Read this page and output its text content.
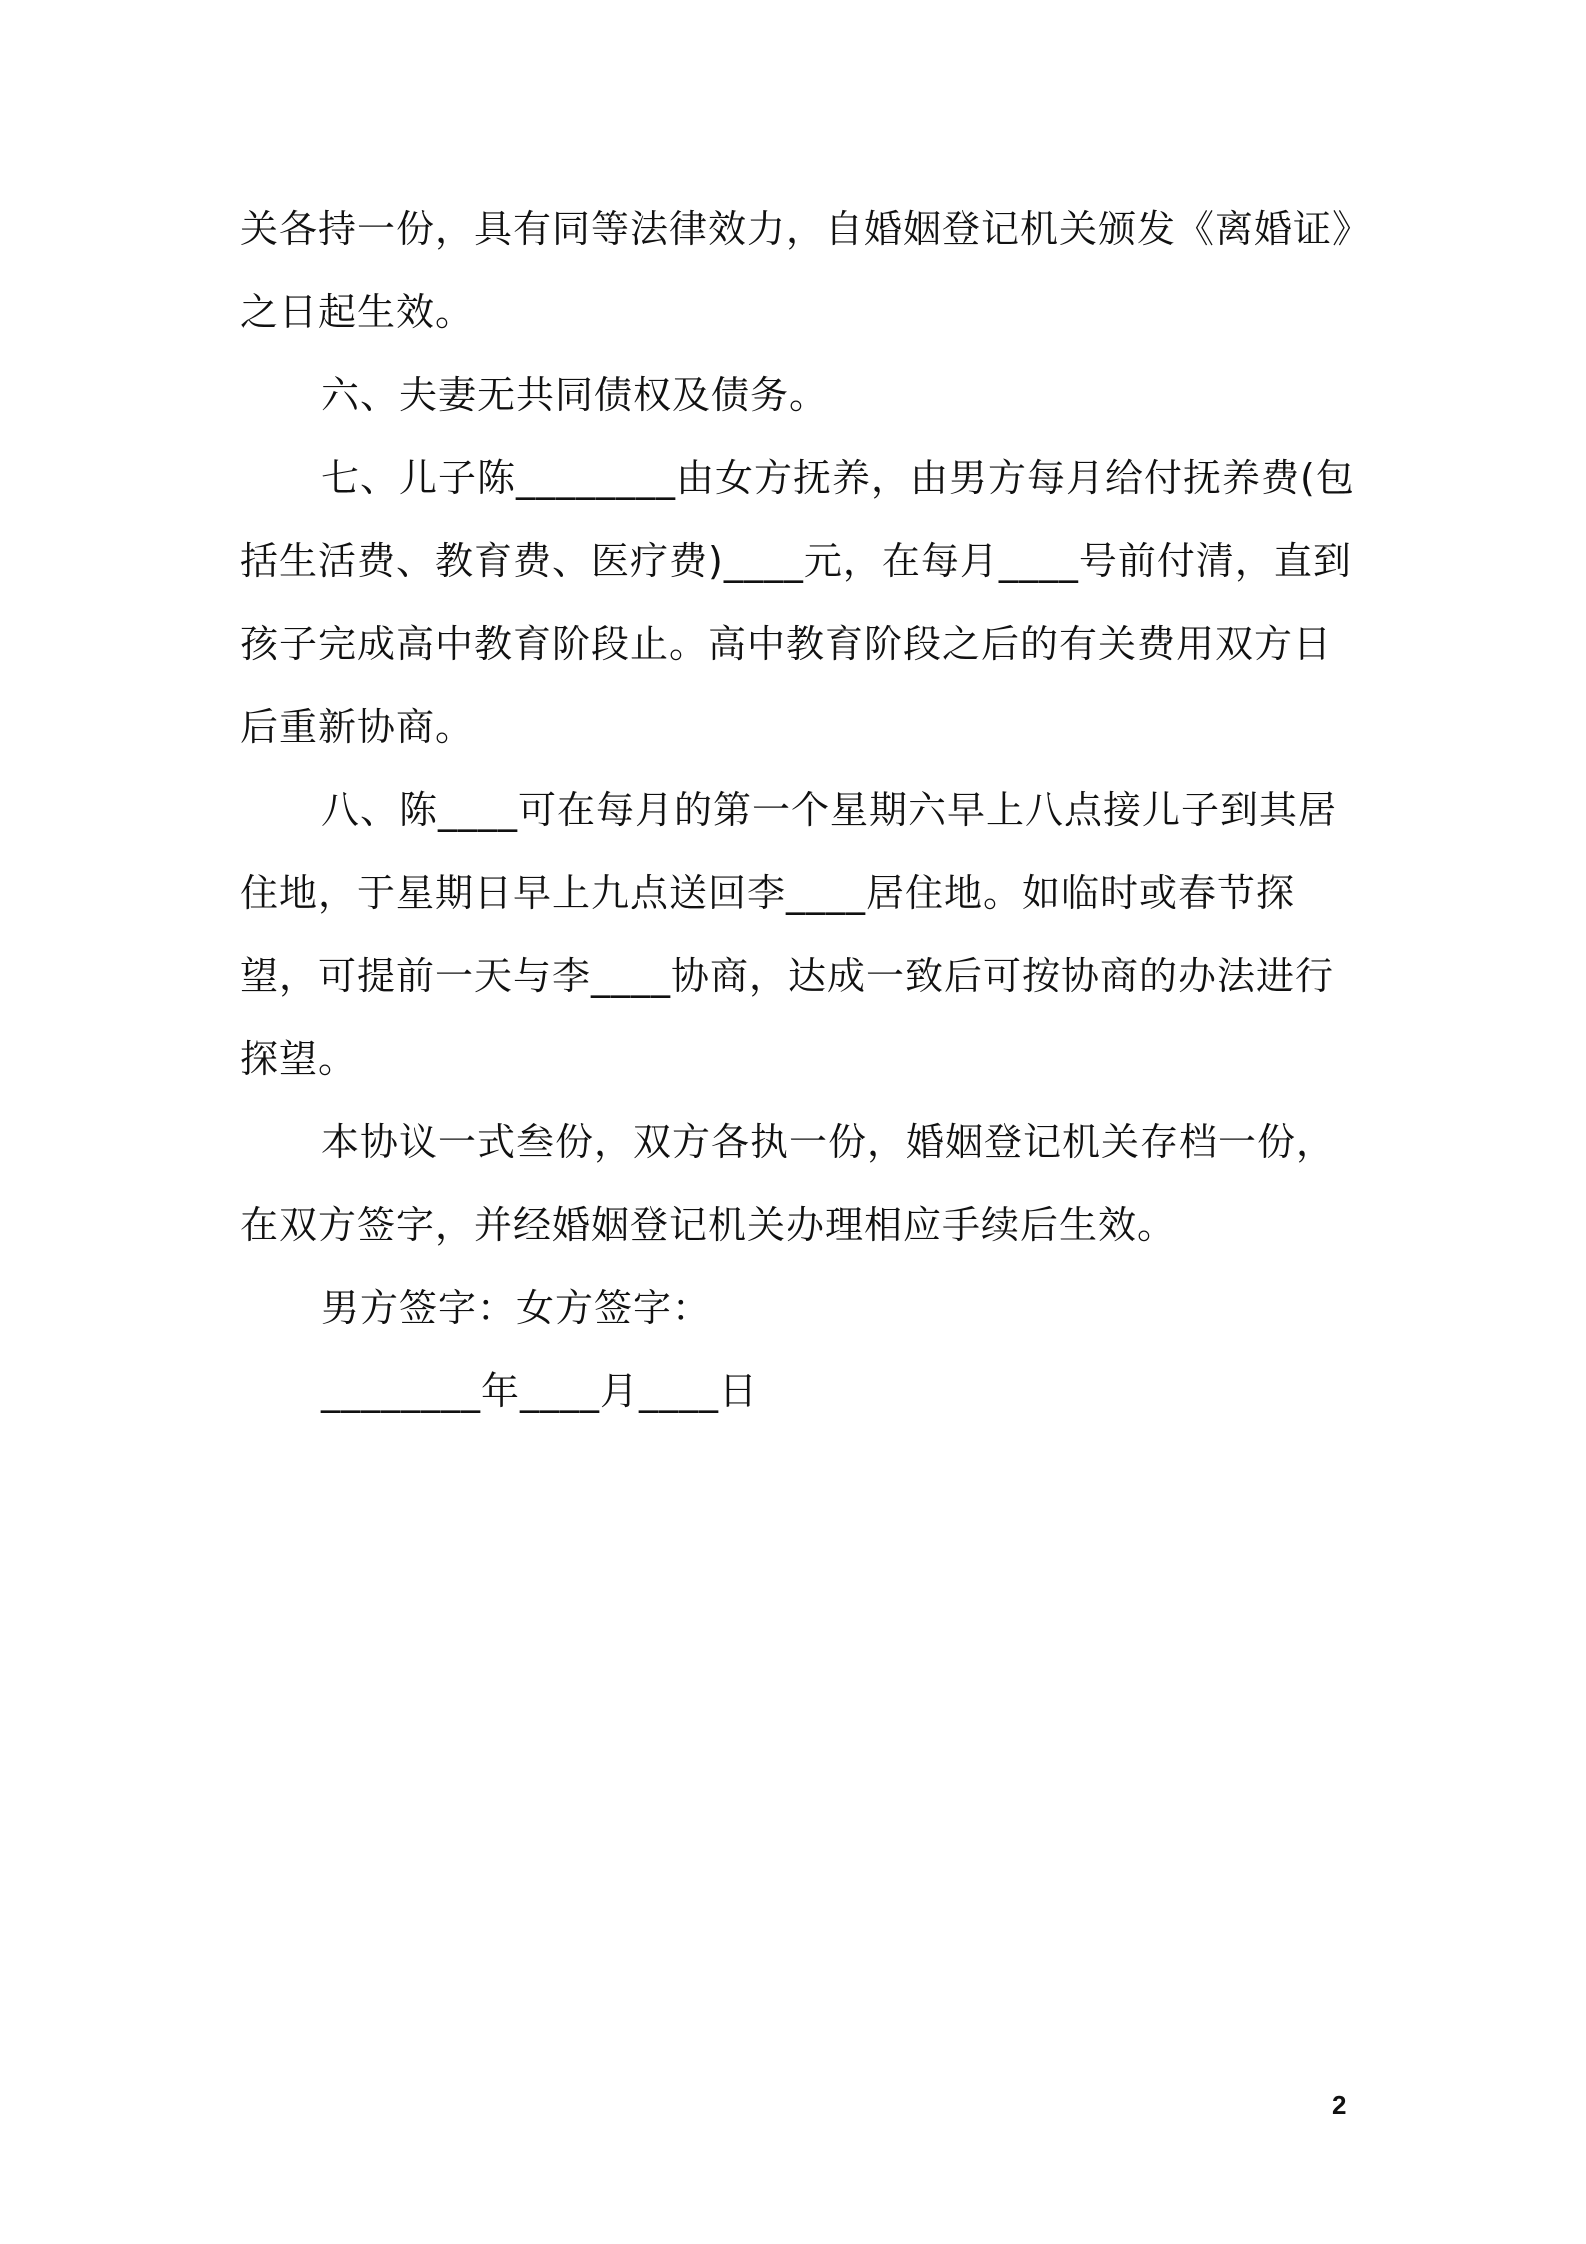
关各持一份，具有同等法律效力，自婚姻登记机关颁发《离婚证》之日起生效。

六、夫妻无共同债权及债务。

七、儿子陈________由女方抚养，由男方每月给付抚养费(包括生活费、教育费、医疗费)____元，在每月____号前付清，直到孩子完成高中教育阶段止。高中教育阶段之后的有关费用双方日后重新协商。

八、陈____可在每月的第一个星期六早上八点接儿子到其居住地，于星期日早上九点送回李____居住地。如临时或春节探望，可提前一天与李____协商，达成一致后可按协商的办法进行探望。

本协议一式叁份，双方各执一份，婚姻登记机关存档一份，在双方签字，并经婚姻登记机关办理相应手续后生效。

男方签字：女方签字：

________年____月____日

2
